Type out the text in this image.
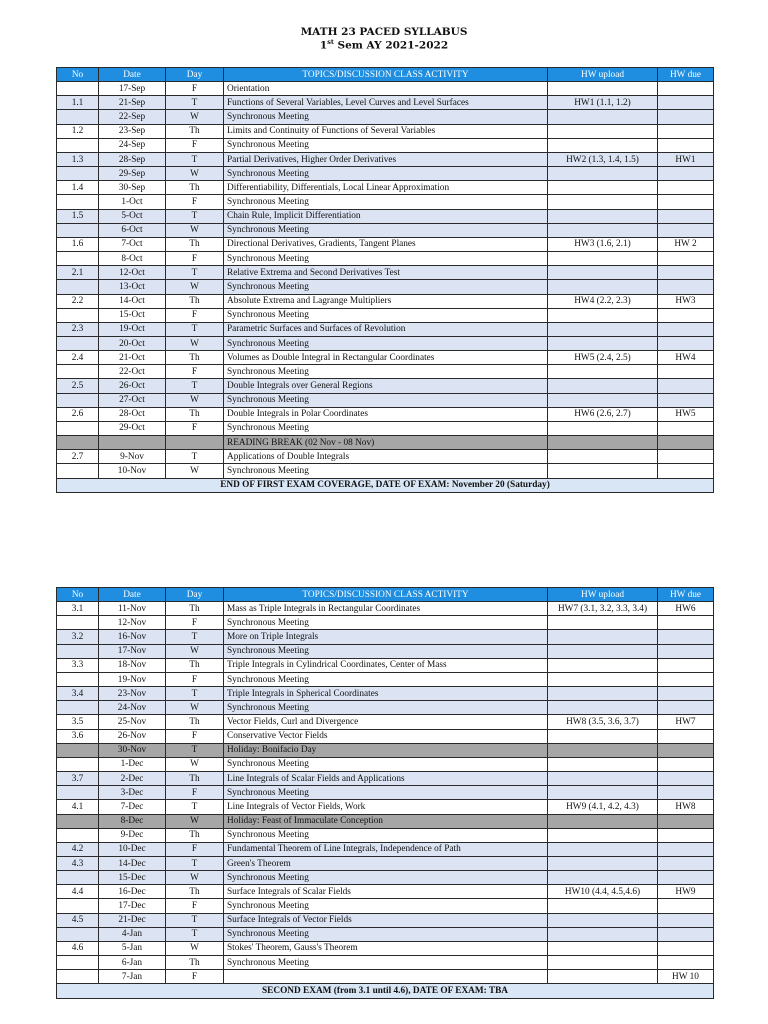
MATH 23 PACED SYLLABUS
1st Sem AY 2021-2022
No	Date	Day	TOPICS/DISCUSSION CLASS ACTIVITY	HW upload	HW due
	17-Sep	F	Orientation		
1.1	21-Sep	T	Functions of Several Variables, Level Curves and Level Surfaces	HW1 (1.1, 1.2)	
	22-Sep	W	Synchronous Meeting		
1.2	23-Sep	Th	Limits and Continuity of Functions of Several Variables		
	24-Sep	F	Synchronous Meeting		
1.3	28-Sep	T	Partial Derivatives, Higher Order Derivatives	HW2 (1.3, 1.4, 1.5)	HW1
	29-Sep	W	Synchronous Meeting		
1.4	30-Sep	Th	Differentiability, Differentials, Local Linear Approximation		
	1-Oct	F	Synchronous Meeting		
1.5	5-Oct	T	Chain Rule, Implicit Differentiation		
	6-Oct	W	Synchronous Meeting		
1.6	7-Oct	Th	Directional Derivatives, Gradients, Tangent Planes	HW3 (1.6, 2.1)	HW 2
	8-Oct	F	Synchronous Meeting		
2.1	12-Oct	T	Relative Extrema and Second Derivatives Test		
	13-Oct	W	Synchronous Meeting		
2.2	14-Oct	Th	Absolute Extrema and Lagrange Multipliers	HW4 (2.2, 2.3)	HW3
	15-Oct	F	Synchronous Meeting		
2.3	19-Oct	T	Parametric Surfaces and Surfaces of Revolution		
	20-Oct	W	Synchronous Meeting		
2.4	21-Oct	Th	Volumes as Double Integral in Rectangular Coordinates	HW5 (2.4, 2.5)	HW4
	22-Oct	F	Synchronous Meeting		
2.5	26-Oct	T	Double Integrals over General Regions		
	27-Oct	W	Synchronous Meeting		
2.6	28-Oct	Th	Double Integrals in Polar Coordinates	HW6 (2.6, 2.7)	HW5
	29-Oct	F	Synchronous Meeting		
			READING BREAK (02 Nov - 08 Nov)		
2.7	9-Nov	T	Applications of Double Integrals		
	10-Nov	W	Synchronous Meeting		
END OF FIRST EXAM COVERAGE, DATE OF EXAM: November 20 (Saturday)					
No	Date	Day	TOPICS/DISCUSSION CLASS ACTIVITY	HW upload	HW due
3.1	11-Nov	Th	Mass as Triple Integrals in Rectangular Coordinates	HW7 (3.1, 3.2, 3.3, 3.4)	HW6
	12-Nov	F	Synchronous Meeting		
3.2	16-Nov	T	More on Triple Integrals		
	17-Nov	W	Synchronous Meeting		
3.3	18-Nov	Th	Triple Integrals in Cylindrical Coordinates, Center of Mass		
	19-Nov	F	Synchronous Meeting		
3.4	23-Nov	T	Triple Integrals in Spherical Coordinates		
	24-Nov	W	Synchronous Meeting		
3.5	25-Nov	Th	Vector Fields, Curl and Divergence	HW8 (3.5, 3.6, 3.7)	HW7
3.6	26-Nov	F	Conservative Vector Fields		
	30-Nov	T	Holiday: Bonifacio Day		
	1-Dec	W	Synchronous Meeting		
3.7	2-Dec	Th	Line Integrals of Scalar Fields and Applications		
	3-Dec	F	Synchronous Meeting		
4.1	7-Dec	T	Line Integrals of Vector Fields, Work	HW9 (4.1, 4.2, 4.3)	HW8
	8-Dec	W	Holiday: Feast of Immaculate Conception		
	9-Dec	Th	Synchronous Meeting		
4.2	10-Dec	F	Fundamental Theorem of Line Integrals, Independence of Path		
4.3	14-Dec	T	Green's Theorem		
	15-Dec	W	Synchronous Meeting		
4.4	16-Dec	Th	Surface Integrals of Scalar Fields	HW10 (4.4, 4.5,4.6)	HW9
	17-Dec	F	Synchronous Meeting		
4.5	21-Dec	T	Surface Integrals of Vector Fields		
	4-Jan	T	Synchronous Meeting		
4.6	5-Jan	W	Stokes' Theorem, Gauss's Theorem		
	6-Jan	Th	Synchronous Meeting		
	7-Jan	F			HW 10
SECOND EXAM (from 3.1 until 4.6), DATE OF EXAM: TBA					
